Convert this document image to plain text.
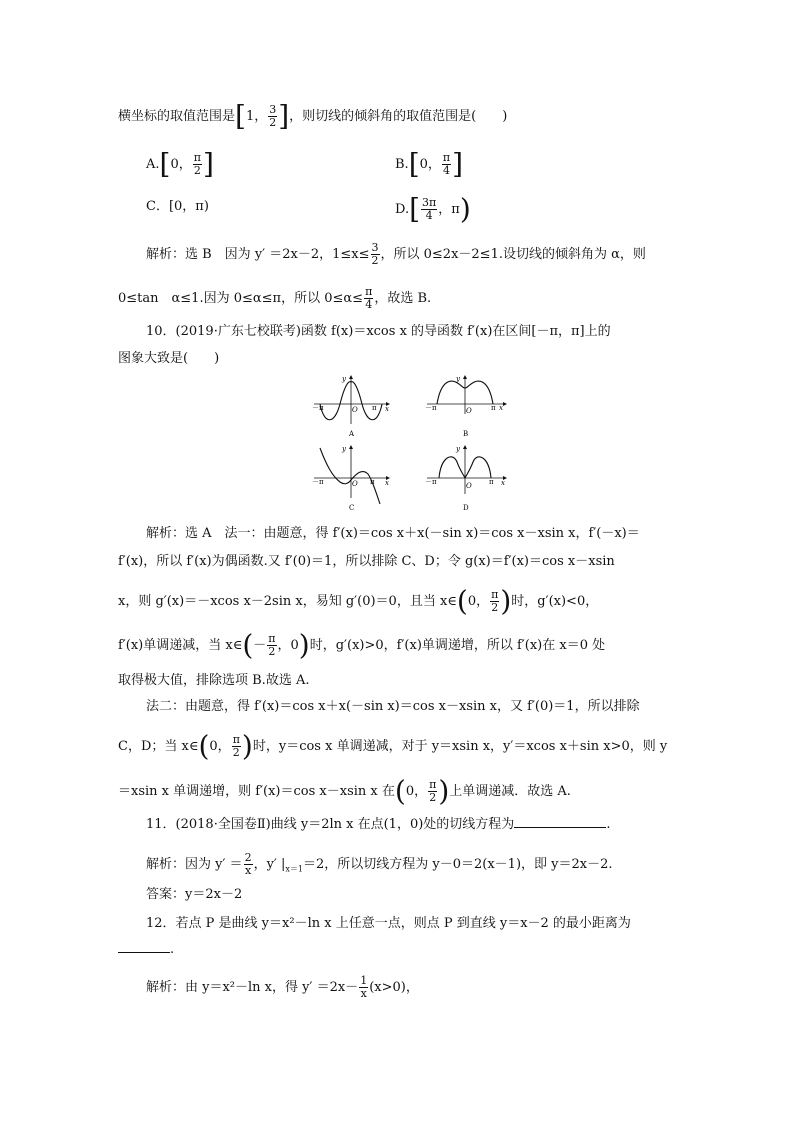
横坐标的取值范围是[1， $\frac{3}{2}$ ]，则切线的倾斜角的取值范围是(　　)
A.[0， $\frac{\pi}{2}$ ]	B.[0， $\frac{\pi}{4}$ ]
C．[0，π)	$D.[ \frac{3\pi}{4}$ ，π)
解析：选 B　因为 y′ ＝2x－2，$1\le x\le \frac{3}{2}$ ，所以 0≤2x－2≤1.设切线的倾斜角为 α，则
0≤tan　α≤1.因为 0≤α≤π，所以 $0\le\alpha\le \frac{\pi}{4}$ ，故选 B.
10．(2019·广东七校联考)函数 f(x)＝xcos x 的导函数 f′(x)在区间[－π，π]上的
图象大致是(　　)
－π	π x
y
O
A
－π	π x
y
O
B
－π	π x
y
O
C
－π	π x
y
O
D
解析：选 A　法一：由题意，得 f′(x)＝cos x＋x(－sin x)＝cos x－xsin x，f′(－x)＝
f′(x)，所以 f′(x)为偶函数.又 f′(0)＝1，所以排除 C、D；令 g(x)＝f′(x)＝cos x－xsin
x，则 g′(x)＝－xcos x－2sin x，易知 g′(0)＝0，且当 x∈(0， $\frac{\pi}{2}$ )时，g′(x)<0，
f′(x)单调递减，当 x∈(－ $\frac{\pi}{2}$ ，0)时，g′(x)>0，f′(x)单调递增，所以 f′(x)在 x＝0 处
取得极大值，排除选项 B.故选 A.
法二：由题意，得 f′(x)＝cos x＋x(－sin x)＝cos x－xsin x，又 f′(0)＝1，所以排除
C，D；当 x∈(0， $\frac{\pi}{2}$ )时，y＝cos x 单调递减，对于 y＝xsin x，y′＝xcos x＋sin x>0，则 y
＝xsin x 单调递增，则 f′(x)＝cos x－xsin x 在(0， $\frac{\pi}{2}$ )上单调递减．故选 A.
11．(2018·全国卷Ⅱ)曲线 y＝2ln x 在点(1，0)处的切线方程为	.
解析：因为 $y' = \frac{2}{x}$ ，y′ $|_{x=1}=2$，所以切线方程为 y－0＝2(x－1)，即 y＝2x－2.
答案：y＝2x－2
12．若点 P 是曲线 y＝x²－ln x 上任意一点，则点 P 到直线 y＝x－2 的最小距离为
.
解析：由 y＝x²－ln x，得 $y' =2x- \frac{1}{x} (x>0)$，
